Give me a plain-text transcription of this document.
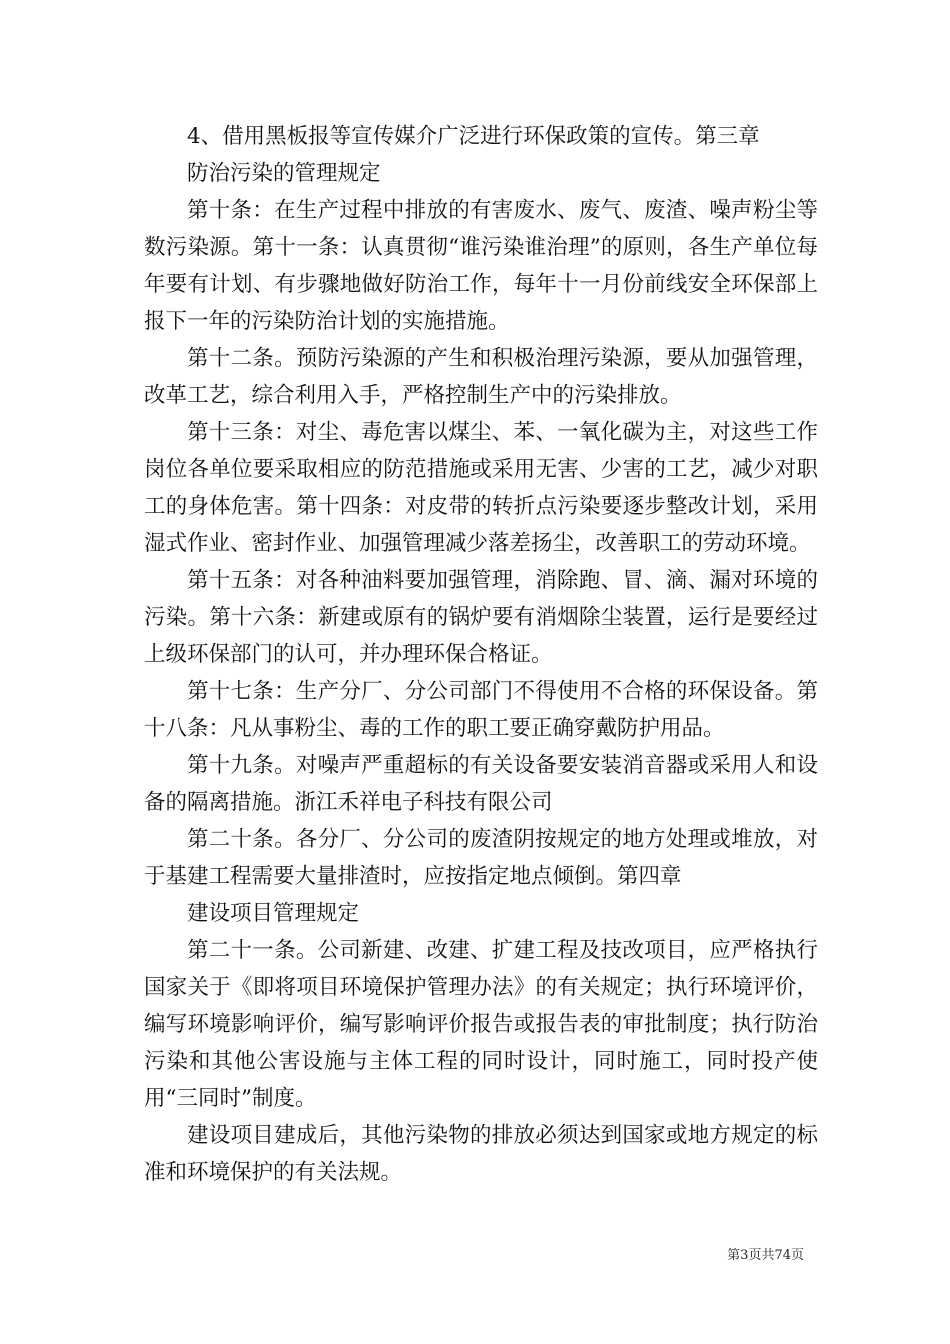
4、借用黑板报等宣传媒介广泛进行环保政策的宣传。第三章

防治污染的管理规定

第十条：在生产过程中排放的有害废水、废气、废渣、噪声粉尘等数污染源。第十一条：认真贯彻“谁污染谁治理”的原则，各生产单位每年要有计划、有步骤地做好防治工作，每年十一月份前线安全环保部上报下一年的污染防治计划的实施措施。

第十二条。预防污染源的产生和积极治理污染源，要从加强管理，改革工艺，综合利用入手，严格控制生产中的污染排放。

第十三条：对尘、毒危害以煤尘、苯、一氧化碳为主，对这些工作岗位各单位要采取相应的防范措施或采用无害、少害的工艺，减少对职工的身体危害。第十四条：对皮带的转折点污染要逐步整改计划，采用湿式作业、密封作业、加强管理减少落差扬尘，改善职工的劳动环境。

第十五条：对各种油料要加强管理，消除跑、冒、滴、漏对环境的污染。第十六条：新建或原有的锅炉要有消烟除尘装置，运行是要经过上级环保部门的认可，并办理环保合格证。

第十七条：生产分厂、分公司部门不得使用不合格的环保设备。第十八条：凡从事粉尘、毒的工作的职工要正确穿戴防护用品。

第十九条。对噪声严重超标的有关设备要安装消音器或采用人和设备的隔离措施。浙江禾祥电子科技有限公司

第二十条。各分厂、分公司的废渣阴按规定的地方处理或堆放，对于基建工程需要大量排渣时，应按指定地点倾倒。第四章

建设项目管理规定

第二十一条。公司新建、改建、扩建工程及技改项目，应严格执行国家关于《即将项目环境保护管理办法》的有关规定；执行环境评价，编写环境影响评价，编写影响评价报告或报告表的审批制度；执行防治污染和其他公害设施与主体工程的同时设计，同时施工，同时投产使用“三同时”制度。

建设项目建成后，其他污染物的排放必须达到国家或地方规定的标准和环境保护的有关法规。

第3页共74页
